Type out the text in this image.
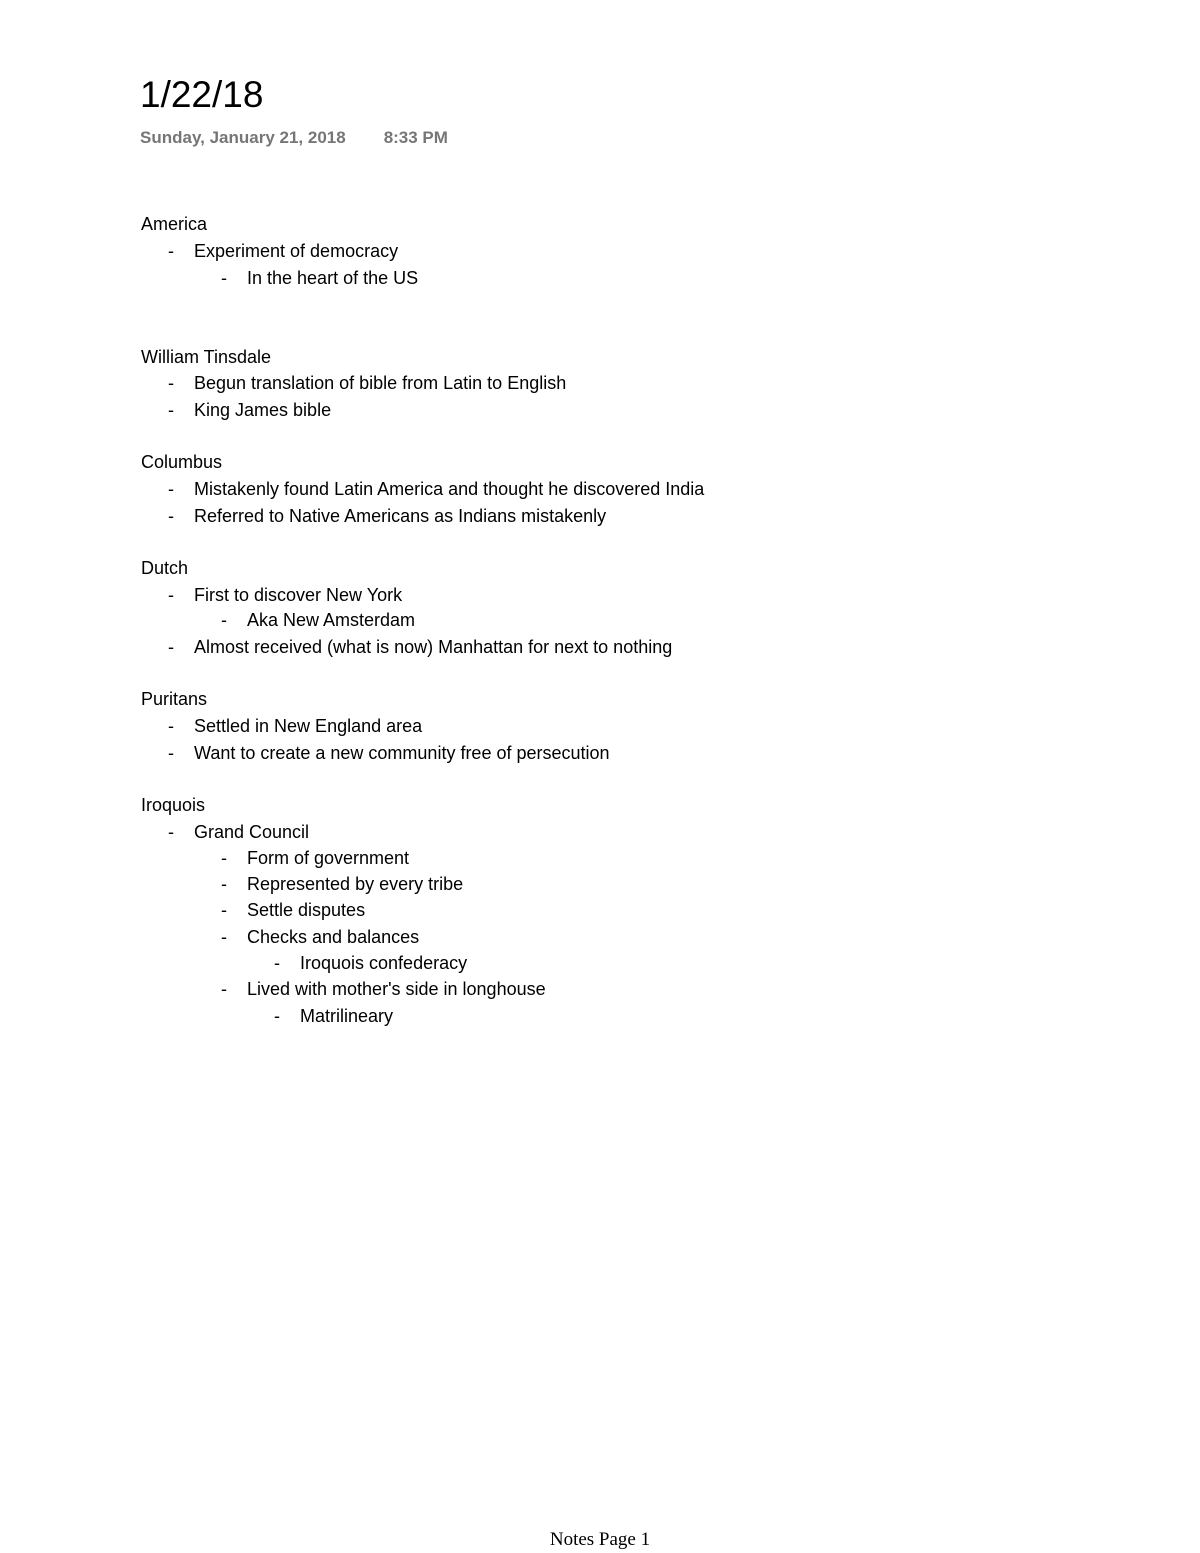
1/22/18
Sunday, January 21, 2018 8:33 PM
America
- Experiment of democracy
- In the heart of the US
William Tinsdale
- Begun translation of bible from Latin to English
- King James bible
Columbus
- Mistakenly found Latin America and thought he discovered India
- Referred to Native Americans as Indians mistakenly
Dutch
- First to discover New York
- Aka New Amsterdam
- Almost received (what is now) Manhattan for next to nothing
Puritans
- Settled in New England area
- Want to create a new community free of persecution
Iroquois
- Grand Council
- Form of government
- Represented by every tribe
- Settle disputes
- Checks and balances
- Iroquois confederacy
- Lived with mother's side in longhouse
- Matrilineary
Notes Page 1
